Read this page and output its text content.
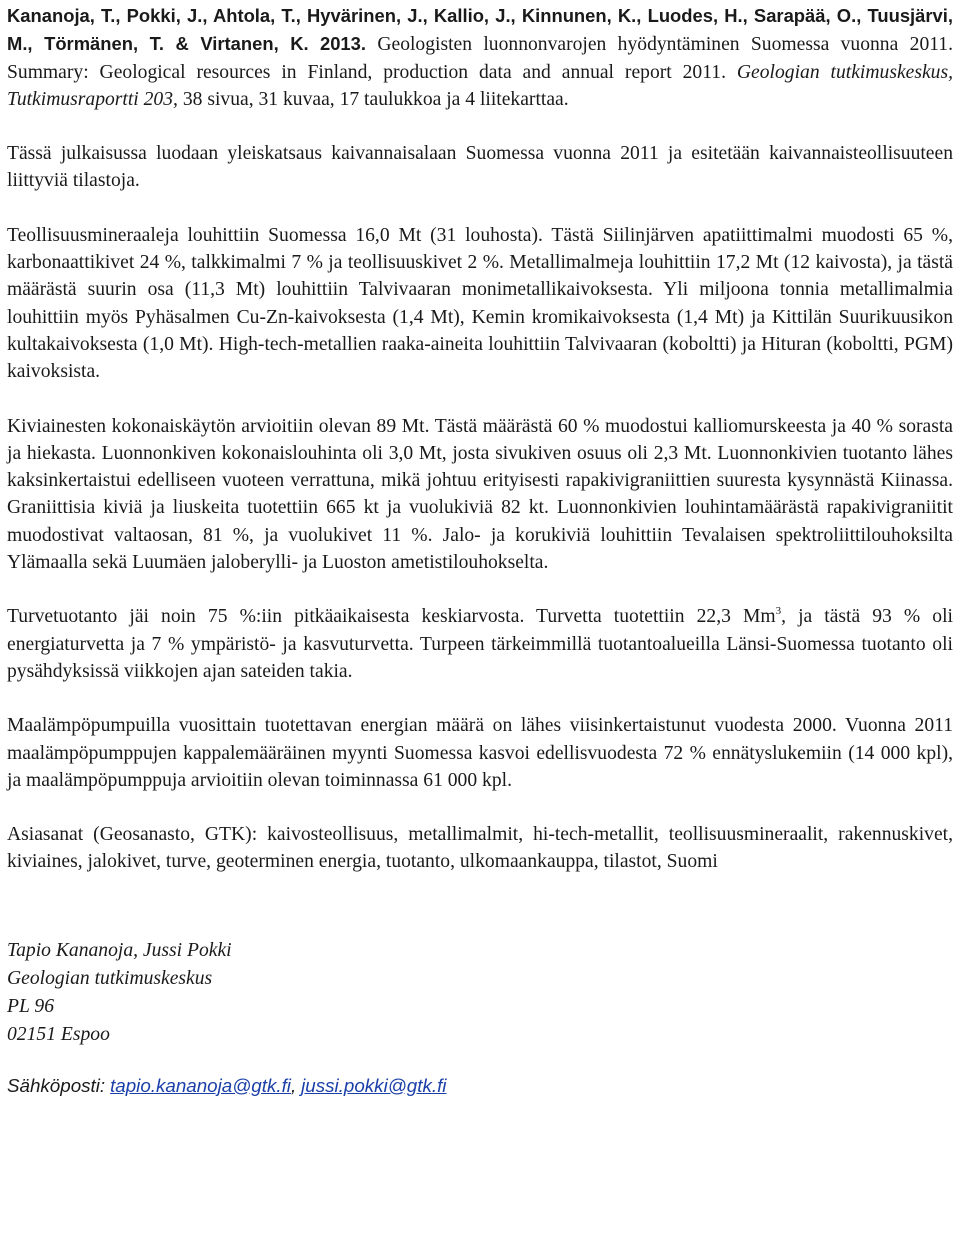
Kananoja, T., Pokki, J., Ahtola, T., Hyvärinen, J., Kallio, J., Kinnunen, K., Luodes, H., Sarapää, O., Tuusjärvi, M., Törmänen, T. & Virtanen, K. 2013. Geologisten luonnonvarojen hyödyntäminen Suomessa vuonna 2011. Summary: Geological resources in Finland, production data and annual report 2011. Geologian tutkimuskeskus, Tutkimusraportti 203, 38 sivua, 31 kuvaa, 17 taulukkoa ja 4 liitekarttaa.

Tässä julkaisussa luodaan yleiskatsaus kaivannaisalaan Suomessa vuonna 2011 ja esitetään kaivannaisteollisuuteen liittyviä tilastoja.

Teollisuusmineraaleja louhittiin Suomessa 16,0 Mt (31 louhosta). Tästä Siilinjärven apatiittimalmi muodosti 65 %, karbonaattikivet 24 %, talkkimalmi 7 % ja teollisuuskivet 2 %. Metallimalmeja louhittiin 17,2 Mt (12 kaivosta), ja tästä määrästä suurin osa (11,3 Mt) louhittiin Talvivaaran monimetallikaivoksesta. Yli miljoona tonnia metallimalmia louhittiin myös Pyhäsalmen Cu-Zn-kaivoksesta (1,4 Mt), Kemin kromikaivoksesta (1,4 Mt) ja Kittilän Suurikuusikon kultakaivoksesta (1,0 Mt). High-tech-metallien raaka-aineita louhittiin Talvivaaran (koboltti) ja Hituran (koboltti, PGM) kaivoksista.

Kiviainesten kokonaiskäytön arvioitiin olevan 89 Mt. Tästä määrästä 60 % muodostui kalliomurskeesta ja 40 % sorasta ja hiekasta. Luonnonkiven kokonaislouhinta oli 3,0 Mt, josta sivukiven osuus oli 2,3 Mt. Luonnonkivien tuotanto lähes kaksinkertaistui edelliseen vuoteen verrattuna, mikä johtuu erityisesti rapakivigraniittien suuresta kysynnästä Kiinassa. Graniittisia kiviä ja liuskeita tuotettiin 665 kt ja vuolukiviä 82 kt. Luonnonkivien louhintamäärästä rapakivigraniitit muodostivat valtaosan, 81 %, ja vuolukivet 11 %. Jalo- ja korukiviä louhittiin Tevalaisen spektroliittilouhoksilta Ylämaalla sekä Luumäen jaloberylli- ja Luoston ametistilouhokselta.

Turvetuotanto jäi noin 75 %:iin pitkäaikaisesta keskiarvosta. Turvetta tuotettiin 22,3 Mm$^3$, ja tästä 93 % oli energiaturvetta ja 7 % ympäristö- ja kasvuturvetta. Turpeen tärkeimmillä tuotantoalueilla Länsi-Suomessa tuotanto oli pysähdyksissä viikkojen ajan sateiden takia.

Maalämpöpumpuilla vuosittain tuotettavan energian määrä on lähes viisinkertaistunut vuodesta 2000. Vuonna 2011 maalämpöpumppujen kappalemääräinen myynti Suomessa kasvoi edellisvuodesta 72 % ennätyslukemiin (14 000 kpl), ja maalämpöpumppuja arvioitiin olevan toiminnassa 61 000 kpl.

Asiasanat (Geosanasto, GTK): kaivosteollisuus, metallimalmit, hi-tech-metallit, teollisuusmineraalit, rakennuskivet, kiviaines, jalokivet, turve, geoterminen energia, tuotanto, ulkomaankauppa, tilastot, Suomi

Tapio Kananoja, Jussi Pokki

Geologian tutkimuskeskus

PL 96

02151 Espoo

Sähköposti: tapio.kananoja@gtk.fi, jussi.pokki@gtk.fi
